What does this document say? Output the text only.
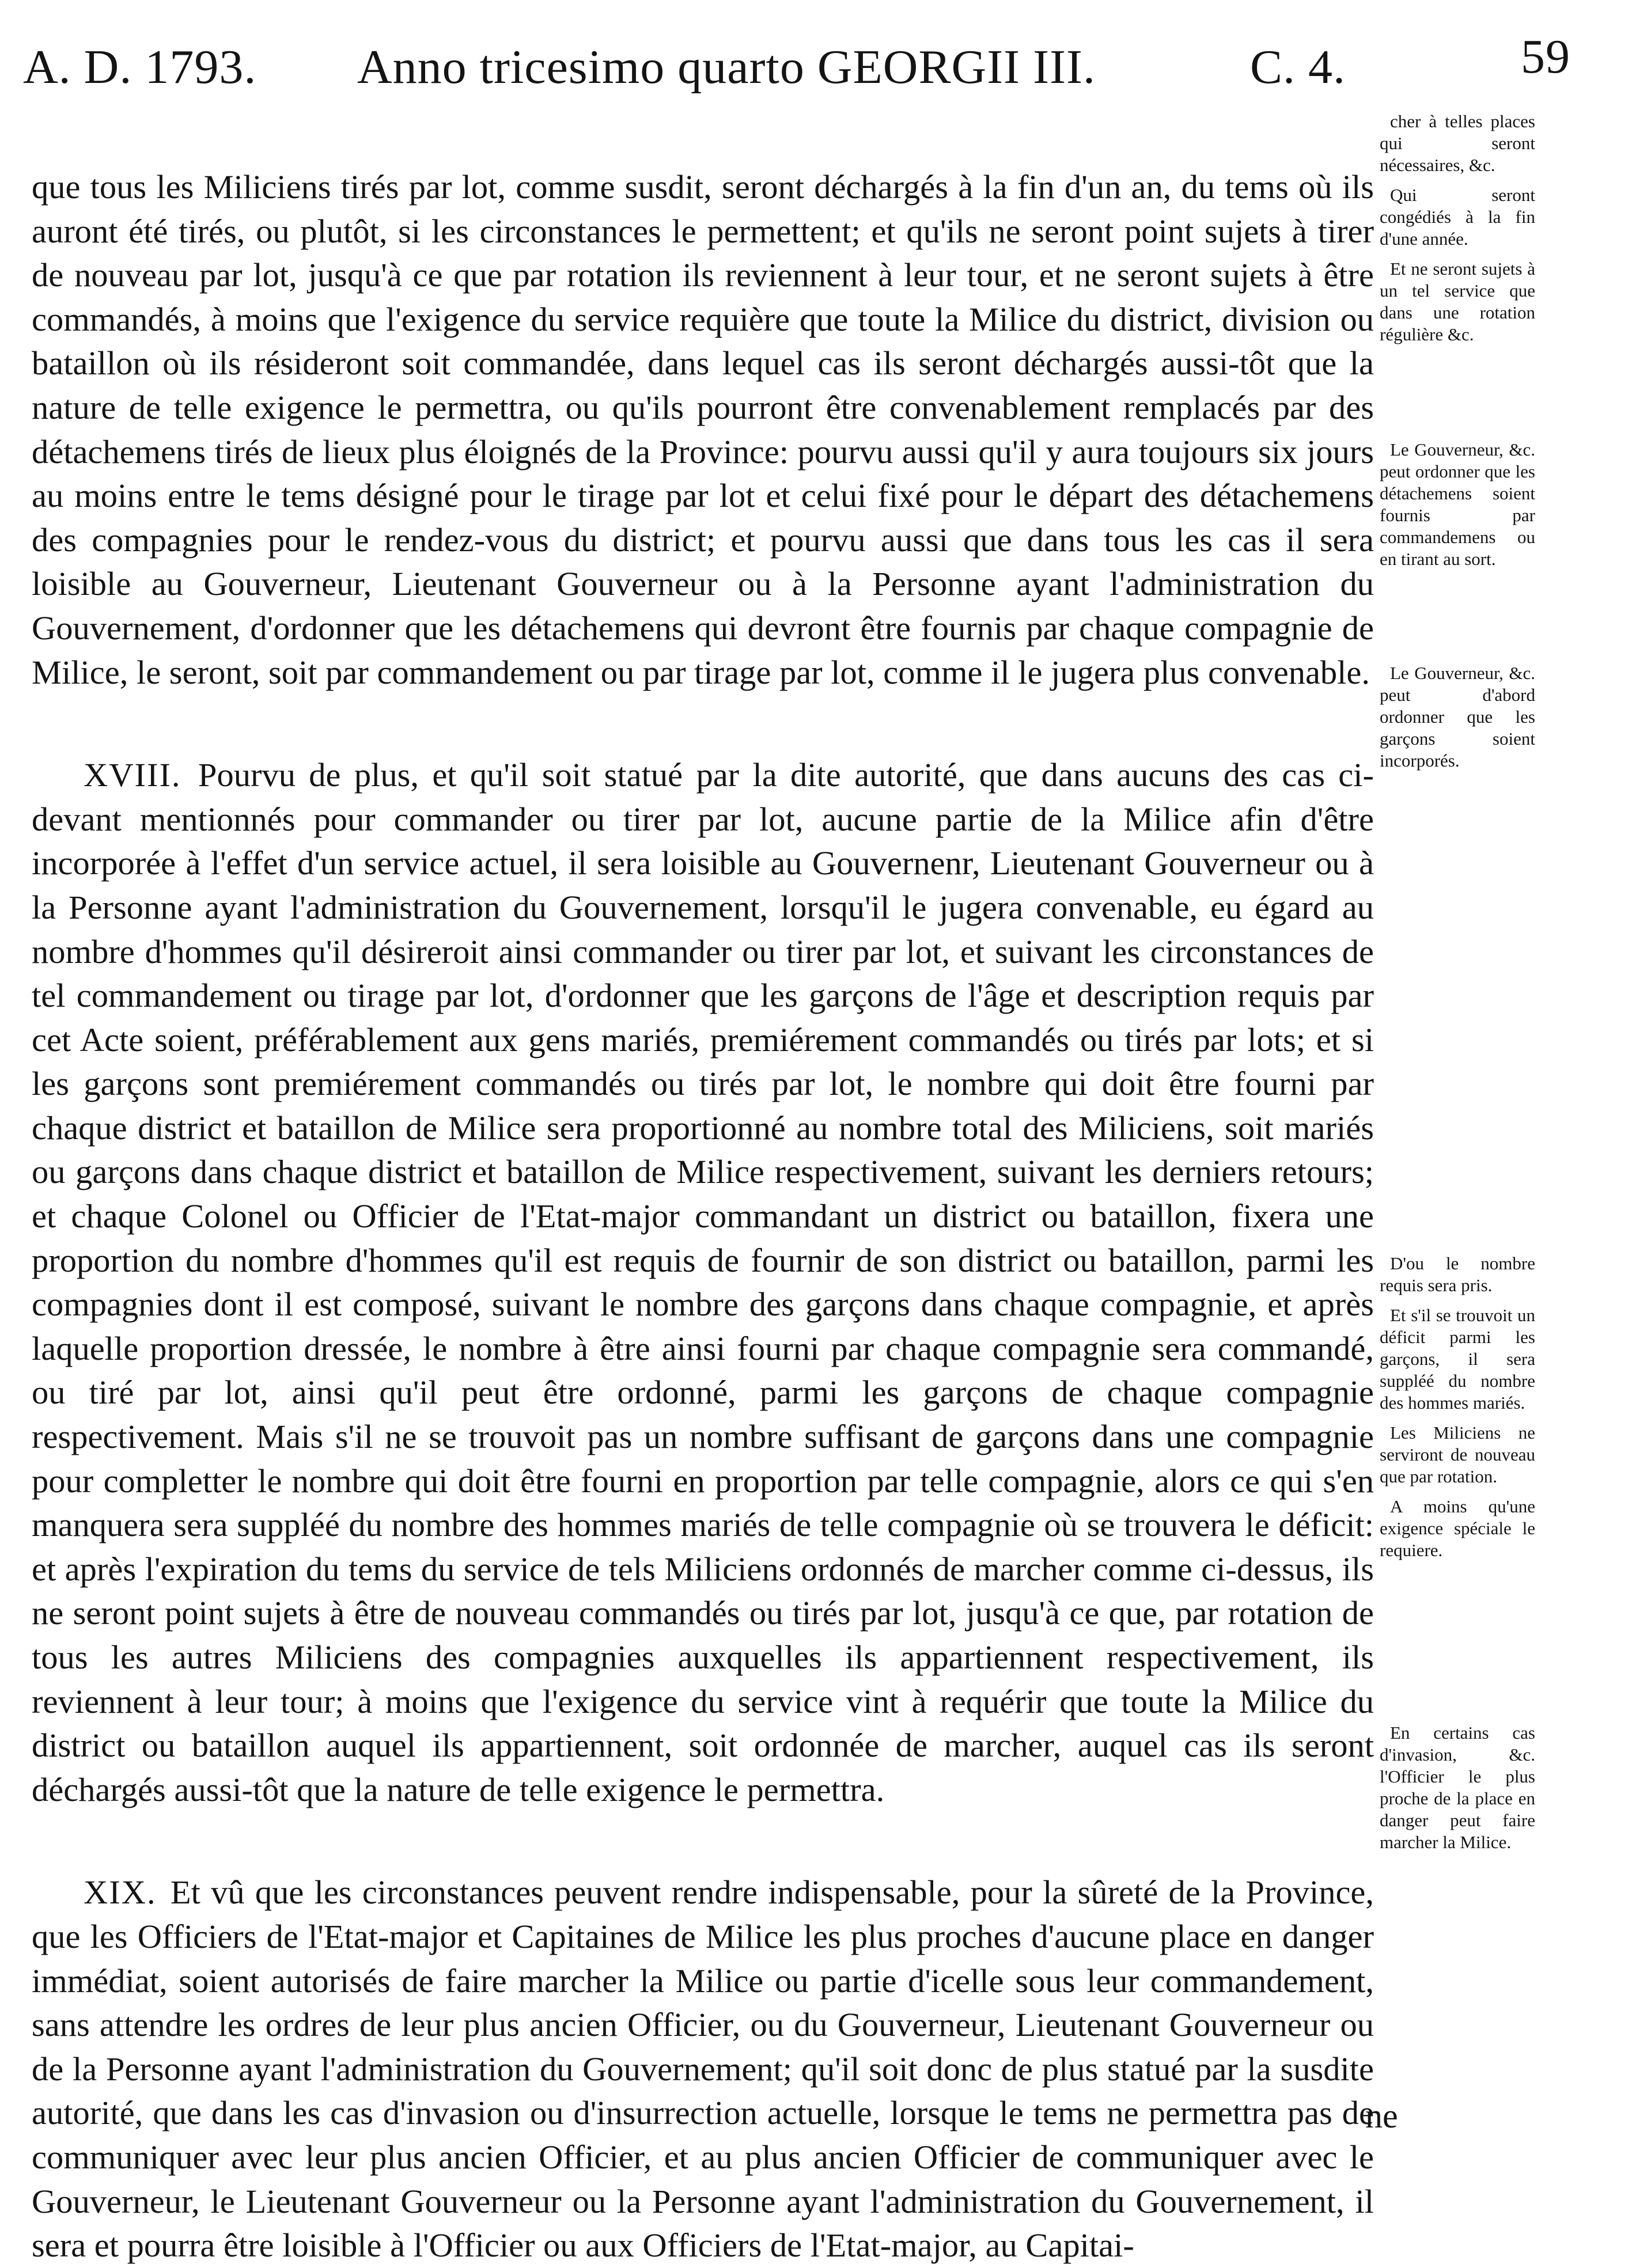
A. D. 1793. Anno tricesimo quarto GEORGII III.	C. 4.	59

que tous les Miliciens tirés par lot, comme susdit, seront déchargés à la fin d'un an, du tems où ils auront été tirés, ou plutôt, si les circonstances le permettent; et qu'ils ne seront point sujets à tirer de nouveau par lot, jusqu'à ce que par rotation ils reviennent à leur tour, et ne seront sujets à être commandés, à moins que l'exigence du service requière que toute la Milice du district, division ou bataillon où ils résideront soit commandée, dans lequel cas ils seront déchargés aussi-tôt que la nature de telle exigence le permettra, ou qu'ils pourront être convenablement remplacés par des détachemens tirés de lieux plus éloignés de la Province: pourvu aussi qu'il y aura toujours six jours au moins entre le tems désigné pour le tirage par lot et celui fixé pour le départ des détachemens des compagnies pour le rendez-vous du district; et pourvu aussi que dans tous les cas il sera loisible au Gouverneur, Lieutenant Gouverneur ou à la Personne ayant l'administration du Gouvernement, d'ordonner que les détachemens qui devront être fournis par chaque compagnie de Milice, le seront, soit par commandement ou par tirage par lot, comme il le jugera plus convenable.

XVIII. Pourvu de plus, et qu'il soit statué par la dite autorité, que dans aucuns des cas ci-devant mentionnés pour commander ou tirer par lot, aucune partie de la Milice afin d'être incorporée à l'effet d'un service actuel, il sera loisible au Gouvernenr, Lieutenant Gouverneur ou à la Personne ayant l'administration du Gouvernement, lorsqu'il le jugera convenable, eu égard au nombre d'hommes qu'il désireroit ainsi commander ou tirer par lot, et suivant les circonstances de tel commandement ou tirage par lot, d'ordonner que les garçons de l'âge et description requis par cet Acte soient, préférablement aux gens mariés, premiérement commandés ou tirés par lots; et si les garçons sont premiérement commandés ou tirés par lot, le nombre qui doit être fourni par chaque district et bataillon de Milice sera proportionné au nombre total des Miliciens, soit mariés ou garçons dans chaque district et bataillon de Milice respectivement, suivant les derniers retours; et chaque Colonel ou Officier de l'Etat-major commandant un district ou bataillon, fixera une proportion du nombre d'hommes qu'il est requis de fournir de son district ou bataillon, parmi les compagnies dont il est composé, suivant le nombre des garçons dans chaque compagnie, et après laquelle proportion dressée, le nombre à être ainsi fourni par chaque compagnie sera commandé, ou tiré par lot, ainsi qu'il peut être ordonné, parmi les garçons de chaque compagnie respectivement. Mais s'il ne se trouvoit pas un nombre suffisant de garçons dans une compagnie pour completter le nombre qui doit être fourni en proportion par telle compagnie, alors ce qui s'en manquera sera suppléé du nombre des hommes mariés de telle compagnie où se trouvera le déficit: et après l'expiration du tems du service de tels Miliciens ordonnés de marcher comme ci-dessus, ils ne seront point sujets à être de nouveau commandés ou tirés par lot, jusqu'à ce que, par rotation de tous les autres Miliciens des compagnies auxquelles ils appartiennent respectivement, ils reviennent à leur tour; à moins que l'exigence du service vint à requérir que toute la Milice du district ou bataillon auquel ils appartiennent, soit ordonnée de marcher, auquel cas ils seront déchargés aussi-tôt que la nature de telle exigence le permettra.

XIX. Et vû que les circonstances peuvent rendre indispensable, pour la sûreté de la Province, que les Officiers de l'Etat-major et Capitaines de Milice les plus proches d'aucune place en danger immédiat, soient autorisés de faire marcher la Milice ou partie d'icelle sous leur commandement, sans attendre les ordres de leur plus ancien Officier, ou du Gouverneur, Lieutenant Gouverneur ou de la Personne ayant l'administration du Gouvernement; qu'il soit donc de plus statué par la susdite autorité, que dans les cas d'invasion ou d'insurrection actuelle, lorsque le tems ne permettra pas de communiquer avec leur plus ancien Officier, et au plus ancien Officier de communiquer avec le Gouverneur, le Lieutenant Gouverneur ou la Personne ayant l'administration du Gouvernement, il sera et pourra être loisible à l'Officier ou aux Officiers de l'Etat-major, au Capitai-

ne

cher à telles places qui seront nécessaires, &c.

Qui seront congédiés à la fin d'une année.

Et ne seront sujets à un tel service que dans une rotation régulière &c.

Le Gouverneur, &c. peut ordonner que les détachemens soient fournis par commandemens ou en tirant au sort.

Le Gouverneur, &c. peut d'abord ordonner que les garçons soient incorporés.

D'ou le nombre requis sera pris.

Et s'il se trouvoit un déficit parmi les garçons, il sera suppléé du nombre des hommes mariés.

Les Miliciens ne serviront de nouveau que par rotation.

A moins qu'une exigence spéciale le requiere.

En certains cas d'invasion, &c. l'Officier le plus proche de la place en danger peut faire marcher la Milice.
